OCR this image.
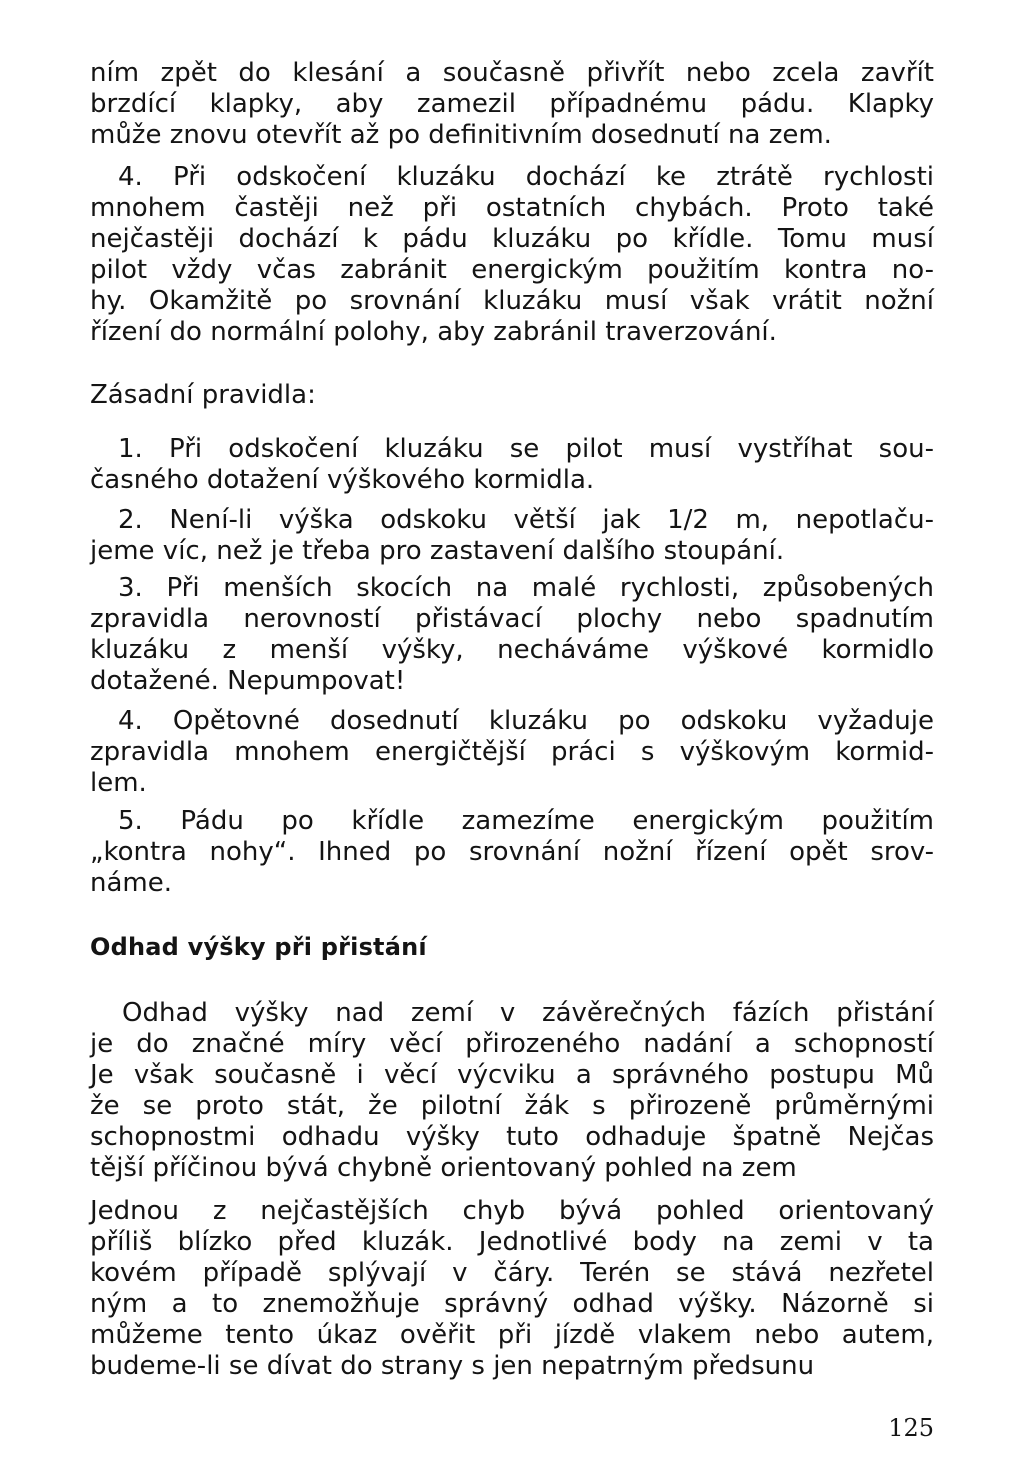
ním zpět do klesání a současně přivřít nebo zcela zavřít
brzdící klapky, aby zamezil případnému pádu. Klapky
může znovu otevřít až po definitivním dosednutí na zem.
4. Při odskočení kluzáku dochází ke ztrátě rychlosti
mnohem častěji než při ostatních chybách. Proto také
nejčastěji dochází k pádu kluzáku po křídle. Tomu musí
pilot vždy včas zabránit energickým použitím kontra no-
hy. Okamžitě po srovnání kluzáku musí však vrátit nožní
řízení do normální polohy, aby zabránil traverzování.

Zásadní pravidla:

1. Při odskočení kluzáku se pilot musí vystříhat sou-
časného dotažení výškového kormidla.
2. Není-li výška odskoku větší jak 1/2 m, nepotlaču-
jeme víc, než je třeba pro zastavení dalšího stoupání.
3. Při menších skocích na malé rychlosti, způsobených
zpravidla nerovností přistávací plochy nebo spadnutím
kluzáku z menší výšky, necháváme výškové kormidlo
dotažené. Nepumpovat!
4. Opětovné dosednutí kluzáku po odskoku vyžaduje
zpravidla mnohem energičtější práci s výškovým kormid-
lem.
5. Pádu po křídle zamezíme energickým použitím
„kontra nohy“. Ihned po srovnání nožní řízení opět srov-
náme.
Odhad výšky při přistání
Odhad výšky nad zemí v závěrečných fázích přistání
je do značné míry věcí přirozeného nadání a schopností
Je však současně i věcí výcviku a správného postupu Mů
že se proto stát, že pilotní žák s přirozeně průměrnými
schopnostmi odhadu výšky tuto odhaduje špatně Nejčas
tější příčinou bývá chybně orientovaný pohled na zem
Jednou z nejčastějších chyb bývá pohled orientovaný
příliš blízko před kluzák. Jednotlivé body na zemi v ta
kovém případě splývají v čáry. Terén se stává nezřetel
ným a to znemožňuje správný odhad výšky. Názorně si
můžeme tento úkaz ověřit při jízdě vlakem nebo autem,
budeme-li se dívat do strany s jen nepatrným předsunu
125
